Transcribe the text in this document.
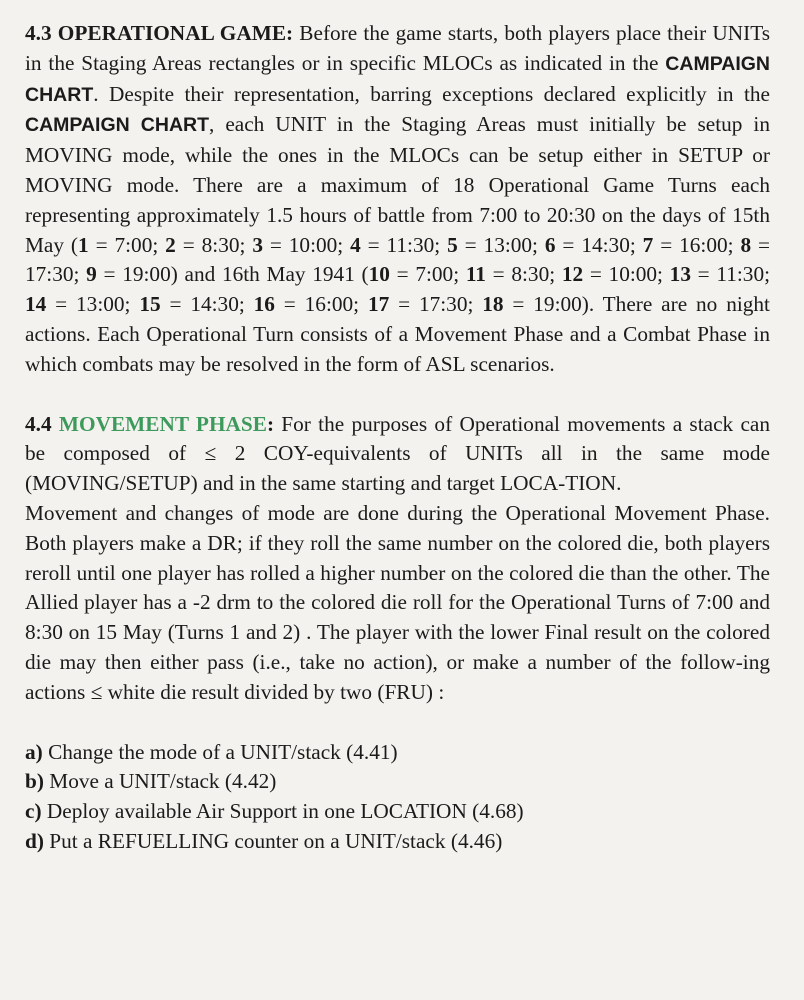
4.3 OPERATIONAL GAME: Before the game starts, both players place their UNITs in the Staging Areas rectangles or in specific MLOCs as indicated in the CAMPAIGN CHART. Despite their representation, barring exceptions declared explicitly in the CAMPAIGN CHART, each UNIT in the Staging Areas must initially be setup in MOVING mode, while the ones in the MLOCs can be setup either in SETUP or MOVING mode. There are a maximum of 18 Operational Game Turns each representing approximately 1.5 hours of battle from 7:00 to 20:30 on the days of 15th May (1 = 7:00; 2 = 8:30; 3 = 10:00; 4 = 11:30; 5 = 13:00; 6 = 14:30; 7 = 16:00; 8 = 17:30; 9 = 19:00) and 16th May 1941 (10 = 7:00; 11 = 8:30; 12 = 10:00; 13 = 11:30; 14 = 13:00; 15 = 14:30; 16 = 16:00; 17 = 17:30; 18 = 19:00). There are no night actions. Each Operational Turn consists of a Movement Phase and a Combat Phase in which combats may be resolved in the form of ASL scenarios.

4.4 MOVEMENT PHASE: For the purposes of Operational movements a stack can be composed of ≤ 2 COY-equivalents of UNITs all in the same mode (MOVING/SETUP) and in the same starting and target LOCA-TION.

Movement and changes of mode are done during the Operational Movement Phase. Both players make a DR; if they roll the same number on the colored die, both players reroll until one player has rolled a higher number on the colored die than the other. The Allied player has a -2 drm to the colored die roll for the Operational Turns of 7:00 and 8:30 on 15 May (Turns 1 and 2) . The player with the lower Final result on the colored die may then either pass (i.e., take no action), or make a number of the follow-ing actions ≤ white die result divided by two (FRU) :

a) Change the mode of a UNIT/stack (4.41)

b) Move a UNIT/stack (4.42)

c) Deploy available Air Support in one LOCATION (4.68)

d) Put a REFUELLING counter on a UNIT/stack (4.46)
